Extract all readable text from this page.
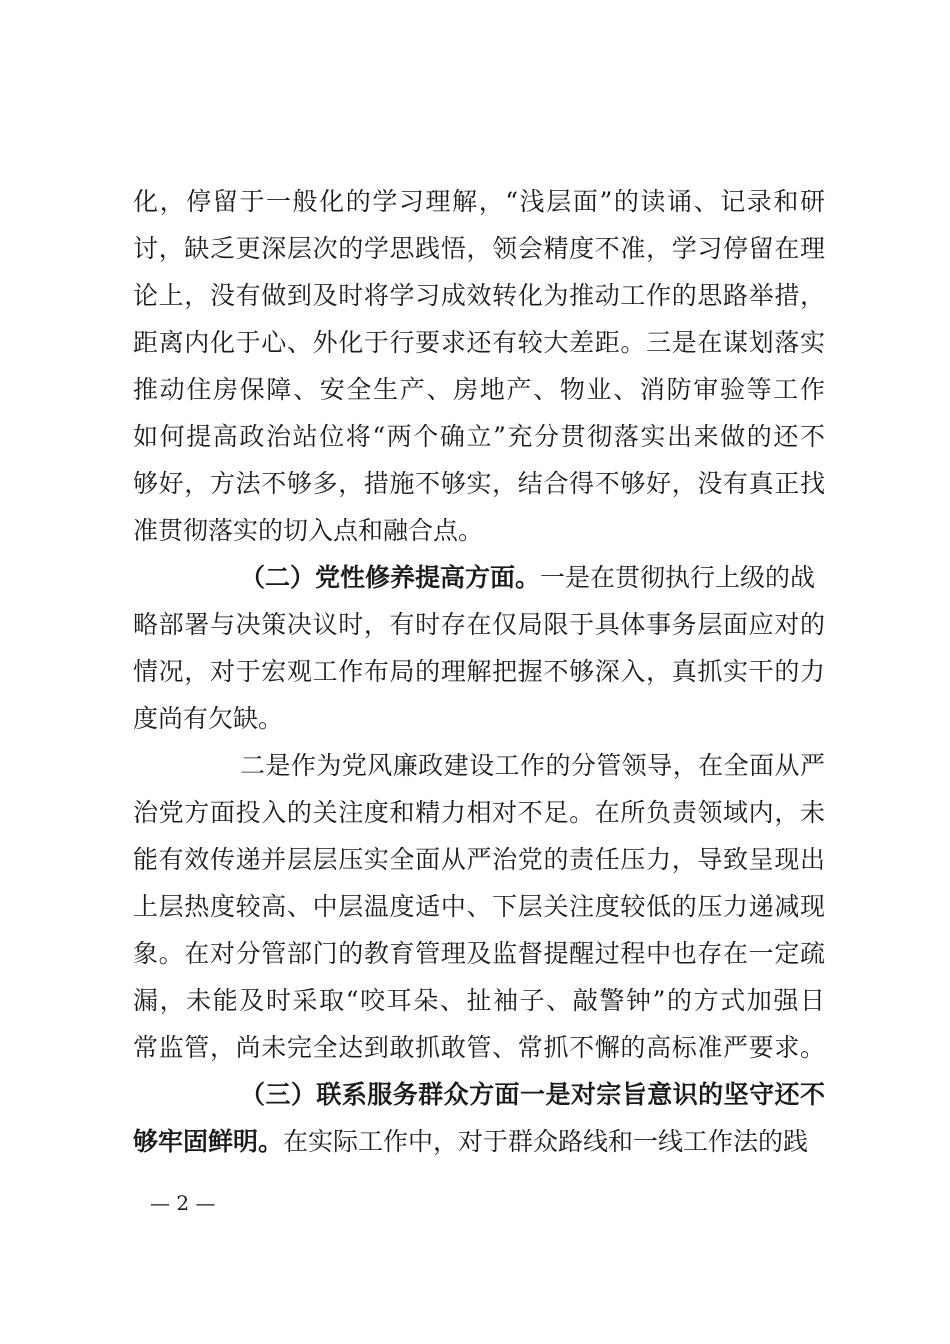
化，停留于一般化的学习理解，“浅层面”的读诵、记录和研
讨，缺乏更深层次的学思践悟，领会精度不准，学习停留在理
论上，没有做到及时将学习成效转化为推动工作的思路举措，
距离内化于心、外化于行要求还有较大差距。三是在谋划落实
推动住房保障、安全生产、房地产、物业、消防审验等工作
如何提高政治站位将“两个确立”充分贯彻落实出来做的还不
够好，方法不够多，措施不够实，结合得不够好，没有真正找
准贯彻落实的切入点和融合点。
（二）党性修养提高方面。一是在贯彻执行上级的战
略部署与决策决议时，有时存在仅局限于具体事务层面应对的
情况，对于宏观工作布局的理解把握不够深入，真抓实干的力
度尚有欠缺。
二是作为党风廉政建设工作的分管领导，在全面从严
治党方面投入的关注度和精力相对不足。在所负责领域内，未
能有效传递并层层压实全面从严治党的责任压力，导致呈现出
上层热度较高、中层温度适中、下层关注度较低的压力递减现
象。在对分管部门的教育管理及监督提醒过程中也存在一定疏
漏，未能及时采取“咬耳朵、扯袖子、敲警钟”的方式加强日
常监管，尚未完全达到敢抓敢管、常抓不懈的高标准严要求。
（三）联系服务群众方面一是对宗旨意识的坚守还不
够牢固鲜明。在实际工作中，对于群众路线和一线工作法的践
— 2 —
